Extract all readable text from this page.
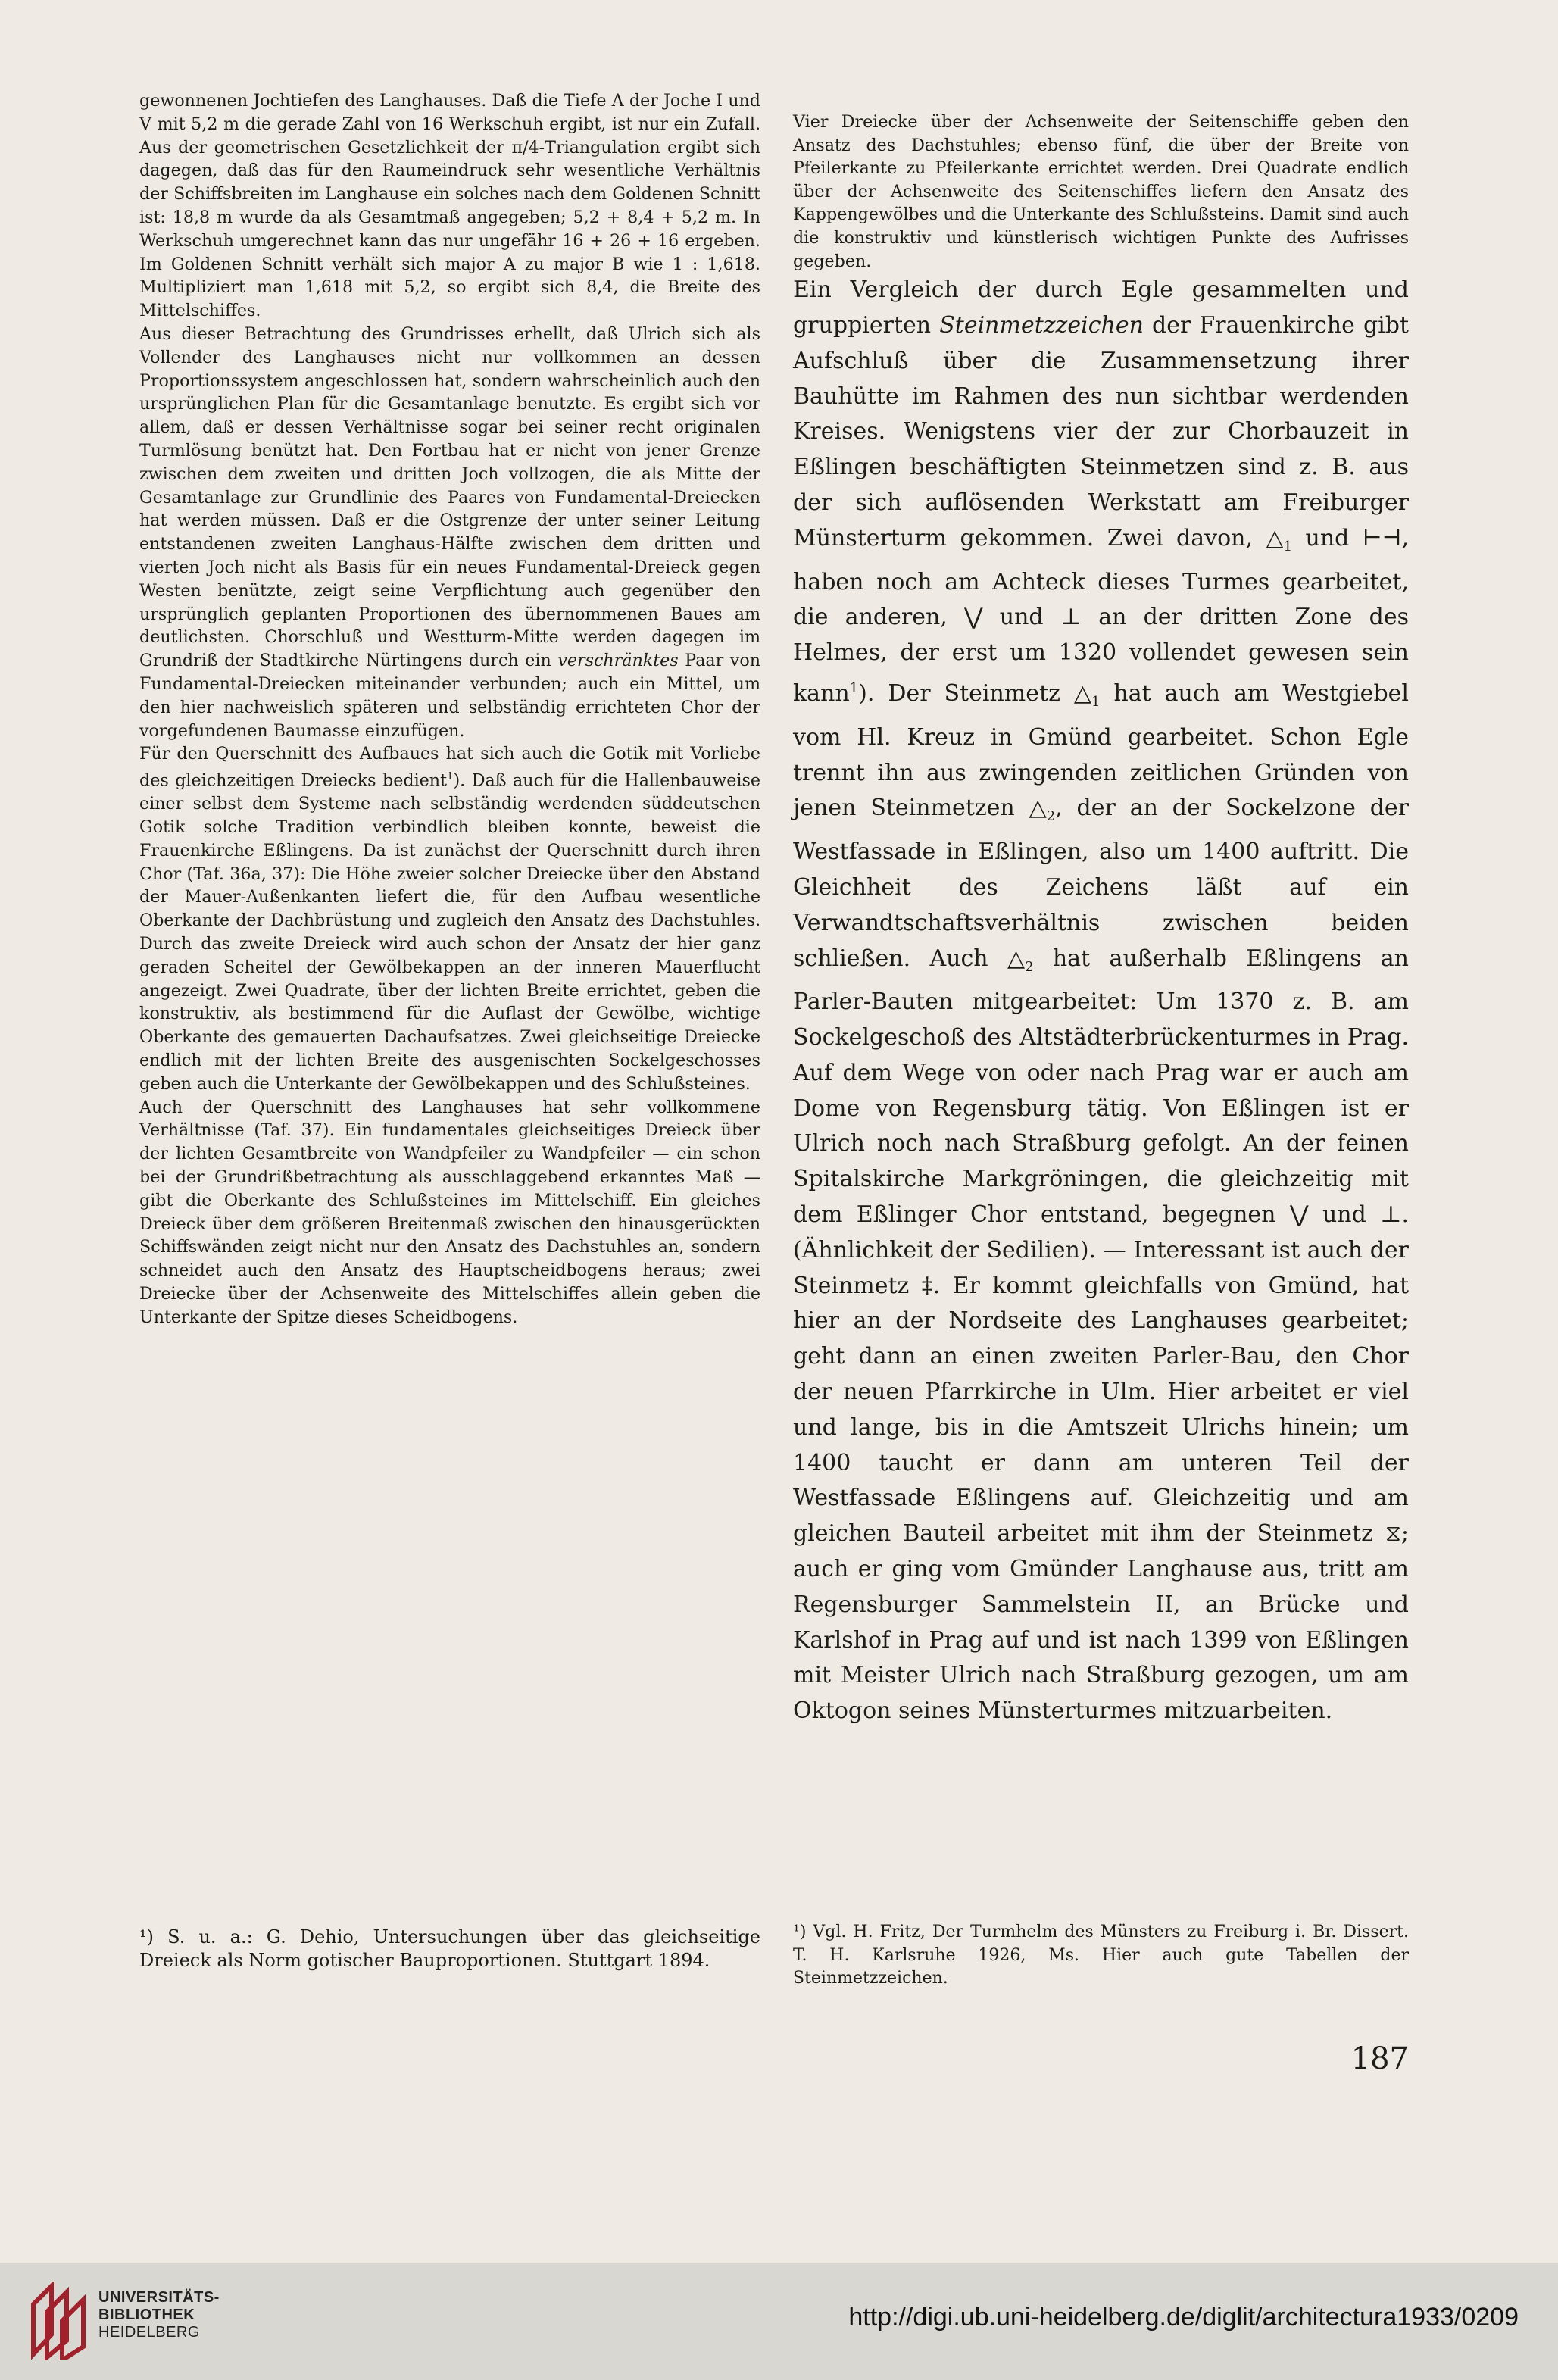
gewonnenen Jochtiefen des Langhauses. Daß die Tiefe A der Joche I und V mit 5,2 m die gerade Zahl von 16 Werkschuh ergibt, ist nur ein Zufall. Aus der geometrischen Gesetzlichkeit der π/4-Triangulation ergibt sich dagegen, daß das für den Raumeindruck sehr wesentliche Verhältnis der Schiffsbreiten im Langhause ein solches nach dem Goldenen Schnitt ist: 18,8 m wurde da als Gesamtmaß angegeben; 5,2 + 8,4 + 5,2 m. In Werkschuh umgerechnet kann das nur ungefähr 16 + 26 + 16 ergeben. Im Goldenen Schnitt verhält sich major A zu major B wie 1 : 1,618. Multipliziert man 1,618 mit 5,2, so ergibt sich 8,4, die Breite des Mittelschiffes.

Aus dieser Betrachtung des Grundrisses erhellt, daß Ulrich sich als Vollender des Langhauses nicht nur vollkommen an dessen Proportionssystem angeschlossen hat, sondern wahrscheinlich auch den ursprünglichen Plan für die Gesamtanlage benutzte. Es ergibt sich vor allem, daß er dessen Verhältnisse sogar bei seiner recht originalen Turmlösung benützt hat. Den Fortbau hat er nicht von jener Grenze zwischen dem zweiten und dritten Joch vollzogen, die als Mitte der Gesamtanlage zur Grundlinie des Paares von Fundamental-Dreiecken hat werden müssen. Daß er die Ostgrenze der unter seiner Leitung entstandenen zweiten Langhaus-Hälfte zwischen dem dritten und vierten Joch nicht als Basis für ein neues Fundamental-Dreieck gegen Westen benützte, zeigt seine Verpflichtung auch gegenüber den ursprünglich geplanten Proportionen des übernommenen Baues am deutlichsten. Chorschluß und Westturm-Mitte werden dagegen im Grundriß der Stadtkirche Nürtingens durch ein verschränktes Paar von Fundamental-Dreiecken miteinander verbunden; auch ein Mittel, um den hier nachweislich späteren und selbständig errichteten Chor der vorgefundenen Baumasse einzufügen.

Für den Querschnitt des Aufbaues hat sich auch die Gotik mit Vorliebe des gleichzeitigen Dreiecks bedient$^1$). Daß auch für die Hallenbauweise einer selbst dem Systeme nach selbständig werdenden süddeutschen Gotik solche Tradition verbindlich bleiben konnte, beweist die Frauenkirche Eßlingens. Da ist zunächst der Querschnitt durch ihren Chor (Taf. 36a, 37): Die Höhe zweier solcher Dreiecke über den Abstand der Mauer-Außenkanten liefert die, für den Aufbau wesentliche Oberkante der Dachbrüstung und zugleich den Ansatz des Dachstuhles. Durch das zweite Dreieck wird auch schon der Ansatz der hier ganz geraden Scheitel der Gewölbekappen an der inneren Mauerflucht angezeigt. Zwei Quadrate, über der lichten Breite errichtet, geben die konstruktiv, als bestimmend für die Auflast der Gewölbe, wichtige Oberkante des gemauerten Dachaufsatzes. Zwei gleichseitige Dreiecke endlich mit der lichten Breite des ausgenischten Sockelgeschosses geben auch die Unterkante der Gewölbekappen und des Schlußsteines.

Auch der Querschnitt des Langhauses hat sehr vollkommene Verhältnisse (Taf. 37). Ein fundamentales gleichseitiges Dreieck über der lichten Gesamtbreite von Wandpfeiler zu Wandpfeiler — ein schon bei der Grundrißbetrachtung als ausschlaggebend erkanntes Maß — gibt die Oberkante des Schlußsteines im Mittelschiff. Ein gleiches Dreieck über dem größeren Breitenmaß zwischen den hinausgerückten Schiffswänden zeigt nicht nur den Ansatz des Dachstuhles an, sondern schneidet auch den Ansatz des Hauptscheidbogens heraus; zwei Dreiecke über der Achsenweite des Mittelschiffes allein geben die Unterkante der Spitze dieses Scheidbogens.

¹) S. u. a.: G. Dehio, Untersuchungen über das gleichseitige Dreieck als Norm gotischer Bauproportionen. Stuttgart 1894.

Vier Dreiecke über der Achsenweite der Seitenschiffe geben den Ansatz des Dachstuhles; ebenso fünf, die über der Breite von Pfeilerkante zu Pfeilerkante errichtet werden. Drei Quadrate endlich über der Achsenweite des Seitenschiffes liefern den Ansatz des Kappengewölbes und die Unterkante des Schlußsteins. Damit sind auch die konstruktiv und künstlerisch wichtigen Punkte des Aufrisses gegeben.

Ein Vergleich der durch Egle gesammelten und gruppierten Steinmetzzeichen der Frauenkirche gibt Aufschluß über die Zusammensetzung ihrer Bauhütte im Rahmen des nun sichtbar werdenden Kreises. Wenigstens vier der zur Chorbauzeit in Eßlingen beschäftigten Steinmetzen sind z. B. aus der sich auflösenden Werkstatt am Freiburger Münsterturm gekommen. Zwei davon, $\triangle_1$ und ⊢⊣, haben noch am Achteck dieses Turmes gearbeitet, die anderen, ⋁ und ⊥ an der dritten Zone des Helmes, der erst um 1320 vollendet gewesen sein kann$^1$). Der Steinmetz $\triangle_1$ hat auch am Westgiebel vom Hl. Kreuz in Gmünd gearbeitet. Schon Egle trennt ihn aus zwingenden zeitlichen Gründen von jenen Steinmetzen $\triangle_2$, der an der Sockelzone der Westfassade in Eßlingen, also um 1400 auftritt. Die Gleichheit des Zeichens läßt auf ein Verwandtschaftsverhältnis zwischen beiden schließen. Auch $\triangle_2$ hat außerhalb Eßlingens an Parler-Bauten mitgearbeitet: Um 1370 z. B. am Sockelgeschoß des Altstädterbrückenturmes in Prag. Auf dem Wege von oder nach Prag war er auch am Dome von Regensburg tätig. Von Eßlingen ist er Ulrich noch nach Straßburg gefolgt. An der feinen Spitalskirche Markgröningen, die gleichzeitig mit dem Eßlinger Chor entstand, begegnen ⋁ und ⊥. (Ähnlichkeit der Sedilien). — Interessant ist auch der Steinmetz ‡. Er kommt gleichfalls von Gmünd, hat hier an der Nordseite des Langhauses gearbeitet; geht dann an einen zweiten Parler-Bau, den Chor der neuen Pfarrkirche in Ulm. Hier arbeitet er viel und lange, bis in die Amtszeit Ulrichs hinein; um 1400 taucht er dann am unteren Teil der Westfassade Eßlingens auf. Gleichzeitig und am gleichen Bauteil arbeitet mit ihm der Steinmetz ⧖; auch er ging vom Gmünder Langhause aus, tritt am Regensburger Sammelstein II, an Brücke und Karlshof in Prag auf und ist nach 1399 von Eßlingen mit Meister Ulrich nach Straßburg gezogen, um am Oktogon seines Münsterturmes mitzuarbeiten.

¹) Vgl. H. Fritz, Der Turmhelm des Münsters zu Freiburg i. Br. Dissert. T. H. Karlsruhe 1926, Ms. Hier auch gute Tabellen der Steinmetzzeichen.

187
UNIVERSITÄTS-
BIBLIOTHEK
HEIDELBERG
http://digi.ub.uni-heidelberg.de/diglit/architectura1933/0209
